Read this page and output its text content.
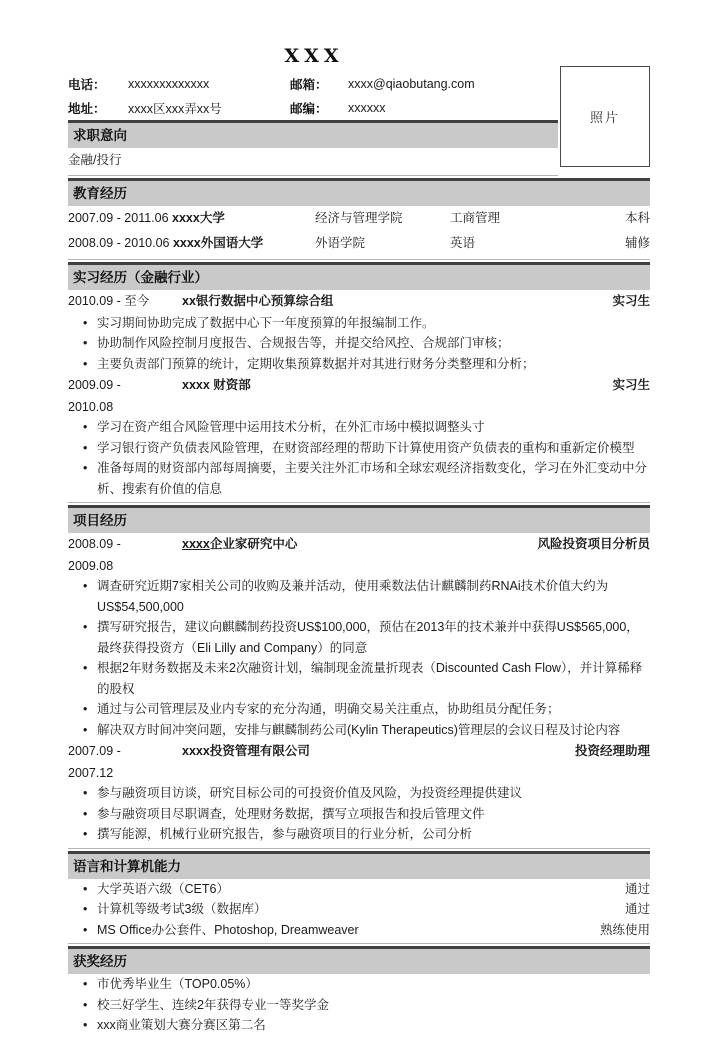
XXX
照片
电话：	xxxxxxxxxxxxx	邮箱：	xxxx@qiaobutang.com
地址：	xxxx区xxx弄xx号	邮编：	xxxxxx
求职意向
金融/投行
教育经历
2007.09 - 2011.06 xxxx大学	经济与管理学院	工商管理	本科
2008.09 - 2010.06 xxxx外国语大学	外语学院	英语	辅修
实习经历（金融行业）
2010.09 - 至今	xx银行数据中心预算综合组	实习生
• 实习期间协助完成了数据中心下一年度预算的年报编制工作。
• 协助制作风险控制月度报告、合规报告等，并提交给风控、合规部门审核；
• 主要负责部门预算的统计，定期收集预算数据并对其进行财务分类整理和分析；
2009.09 -	xxxx 财资部	实习生
2010.08
• 学习在资产组合风险管理中运用技术分析，在外汇市场中模拟调整头寸
• 学习银行资产负债表风险管理，在财资部经理的帮助下计算使用资产负债表的重构和重新定价模型
• 准备每周的财资部内部每周摘要，主要关注外汇市场和全球宏观经济指数变化，学习在外汇变动中分析、搜索有价值的信息
项目经历
2008.09 -	xxxx企业家研究中心	风险投资项目分析员
2009.08
• 调查研究近期7家相关公司的收购及兼并活动，使用乘数法估计麒麟制药RNAi技术价值大约为US$54,500,000
• 撰写研究报告，建议向麒麟制药投资US$100,000，预估在2013年的技术兼并中获得US$565,000，最终获得投资方（Eli Lilly and Company）的同意
• 根据2年财务数据及未来2次融资计划，编制现金流量折现表（Discounted Cash Flow），并计算稀释的股权
• 通过与公司管理层及业内专家的充分沟通，明确交易关注重点，协助组员分配任务；
• 解决双方时间冲突问题，安排与麒麟制药公司(Kylin Therapeutics)管理层的会议日程及讨论内容
2007.09 -	xxxx投资管理有限公司	投资经理助理
2007.12
• 参与融资项目访谈，研究目标公司的可投资价值及风险，为投资经理提供建议
• 参与融资项目尽职调查，处理财务数据，撰写立项报告和投后管理文件
• 撰写能源，机械行业研究报告，参与融资项目的行业分析，公司分析
语言和计算机能力
• 大学英语六级（CET6）	通过
• 计算机等级考试3级（数据库）	通过
• MS Office办公套件、Photoshop, Dreamweaver	熟练使用
获奖经历
• 市优秀毕业生（TOP0.05%）
• 校三好学生、连续2年获得专业一等奖学金
• xxx商业策划大赛分赛区第二名
